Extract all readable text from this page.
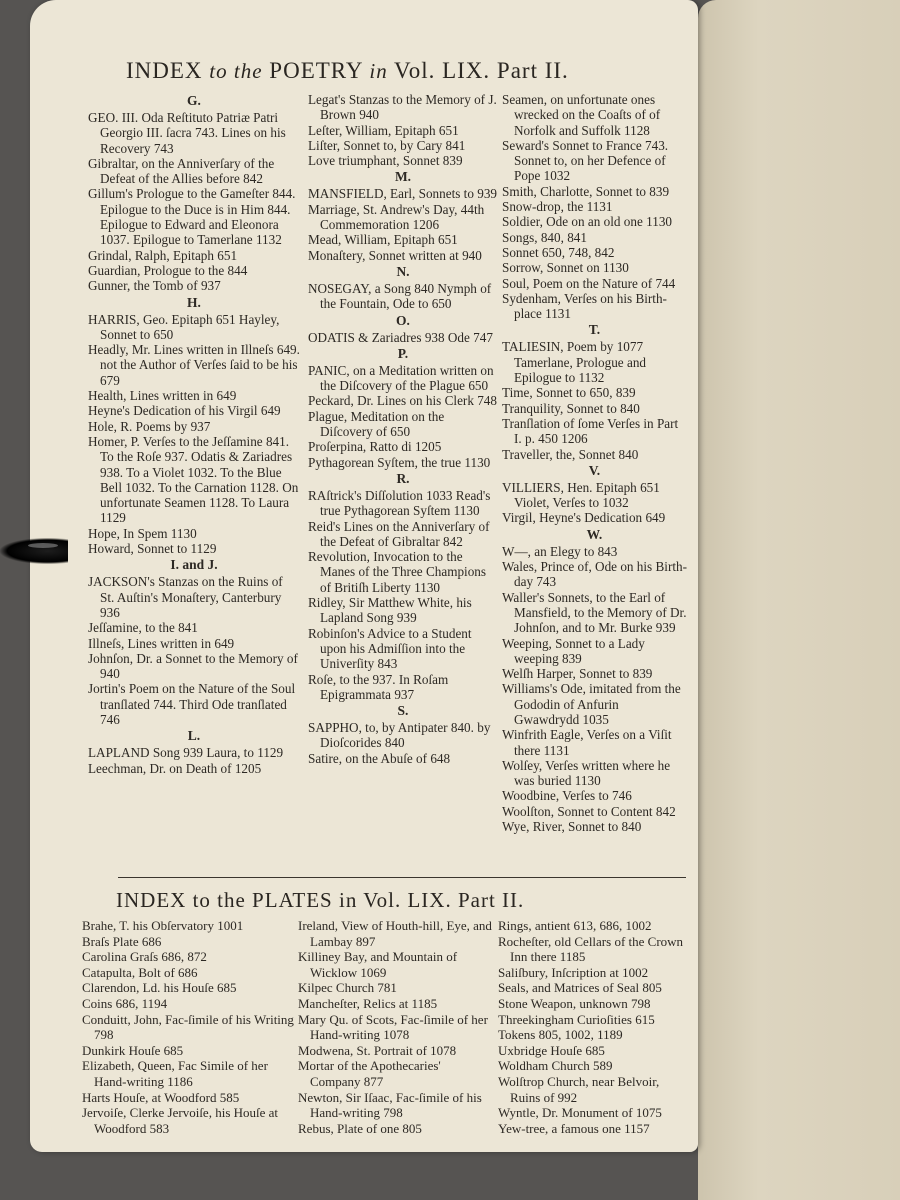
INDEX to the POETRY in Vol. LIX. Part II.
G.
GEO. III. Oda Reſtituto Patriæ Patri Georgio III. ſacra 743. Lines on his Recovery 743
Gibraltar, on the Anniverſary of the Defeat of the Allies before 842
Gillum's Prologue to the Gameſter 844. Epilogue to the Duce is in Him 844. Epilogue to Edward and Eleonora 1037. Epilogue to Tamerlane 1132
Grindal, Ralph, Epitaph 651
Guardian, Prologue to the 844
Gunner, the Tomb of 937
H.
HARRIS, Geo. Epitaph 651 Hayley, Sonnet to 650
Headly, Mr. Lines written in Illneſs 649. not the Author of Verſes ſaid to be his 679
Health, Lines written in 649
Heyne's Dedication of his Virgil 649
Hole, R. Poems by 937
Homer, P. Verſes to the Jeſſamine 841. To the Roſe 937. Odatis & Zariadres 938. To a Violet 1032. To the Blue Bell 1032. To the Carnation 1128. On unfortunate Seamen 1128. To Laura 1129
Hope, In Spem 1130
Howard, Sonnet to 1129
I. and J.
JACKSON's Stanzas on the Ruins of St. Auſtin's Monaſtery, Canterbury 936
Jeſſamine, to the 841
Illneſs, Lines written in 649
Johnſon, Dr. a Sonnet to the Memory of 940
Jortin's Poem on the Nature of the Soul tranſlated 744. Third Ode tranſlated 746
L.
LAPLAND Song 939 Laura, to 1129
Leechman, Dr. on Death of 1205
Legat's Stanzas to the Memory of J. Brown 940
Leſter, William, Epitaph 651
Liſter, Sonnet to, by Cary 841
Love triumphant, Sonnet 839
M.
MANSFIELD, Earl, Sonnets to 939
Marriage, St. Andrew's Day, 44th Commemoration 1206
Mead, William, Epitaph 651
Monaſtery, Sonnet written at 940
N.
NOSEGAY, a Song 840 Nymph of the Fountain, Ode to 650
O.
ODATIS & Zariadres 938 Ode 747
P.
PANIC, on a Meditation written on the Diſcovery of the Plague 650
Peckard, Dr. Lines on his Clerk 748
Plague, Meditation on the Diſcovery of 650
Proſerpina, Ratto di 1205
Pythagorean Syſtem, the true 1130
R.
RAſtrick's Diſſolution 1033 Read's true Pythagorean Syſtem 1130
Reid's Lines on the Anniverſary of the Defeat of Gibraltar 842
Revolution, Invocation to the Manes of the Three Champions of Britiſh Liberty 1130
Ridley, Sir Matthew White, his Lapland Song 939
Robinſon's Advice to a Student upon his Admiſſion into the Univerſity 843
Roſe, to the 937. In Roſam Epigrammata 937
S.
SAPPHO, to, by Antipater 840. by Dioſcorides 840
Satire, on the Abuſe of 648
Seamen, on unfortunate ones wrecked on the Coaſts of of Norfolk and Suffolk 1128
Seward's Sonnet to France 743. Sonnet to, on her Defence of Pope 1032
Smith, Charlotte, Sonnet to 839
Snow-drop, the 1131
Soldier, Ode on an old one 1130
Songs, 840, 841
Sonnet 650, 748, 842
Sorrow, Sonnet on 1130
Soul, Poem on the Nature of 744
Sydenham, Verſes on his Birth-place 1131
T.
TALIESIN, Poem by 1077 Tamerlane, Prologue and Epilogue to 1132
Time, Sonnet to 650, 839
Tranquility, Sonnet to 840
Tranſlation of ſome Verſes in Part I. p. 450 1206
Traveller, the, Sonnet 840
V.
VILLIERS, Hen. Epitaph 651 Violet, Verſes to 1032
Virgil, Heyne's Dedication 649
W.
W—, an Elegy to 843
Wales, Prince of, Ode on his Birth-day 743
Waller's Sonnets, to the Earl of Mansfield, to the Memory of Dr. Johnſon, and to Mr. Burke 939
Weeping, Sonnet to a Lady weeping 839
Welſh Harper, Sonnet to 839
Williams's Ode, imitated from the Gododin of Anfurin Gwawdrydd 1035
Winfrith Eagle, Verſes on a Viſit there 1131
Wolſey, Verſes written where he was buried 1130
Woodbine, Verſes to 746
Woolſton, Sonnet to Content 842
Wye, River, Sonnet to 840
INDEX to the PLATES in Vol. LIX. Part II.
Brahe, T. his Obſervatory 1001
Braſs Plate 686
Carolina Graſs 686, 872
Catapulta, Bolt of 686
Clarendon, Ld. his Houſe 685
Coins 686, 1194
Conduitt, John, Fac-ſimile of his Writing 798
Dunkirk Houſe 685
Elizabeth, Queen, Fac Simile of her Hand-writing 1186
Harts Houſe, at Woodford 585
Jervoiſe, Clerke Jervoiſe, his Houſe at Woodford 583
Ireland, View of Houth-hill, Eye, and Lambay 897
Killiney Bay, and Mountain of Wicklow 1069
Kilpec Church 781
Mancheſter, Relics at 1185
Mary Qu. of Scots, Fac-ſimile of her Hand-writing 1078
Modwena, St. Portrait of 1078
Mortar of the Apothecaries' Company 877
Newton, Sir Iſaac, Fac-ſimile of his Hand-writing 798
Rebus, Plate of one 805
Rings, antient 613, 686, 1002
Rocheſter, old Cellars of the Crown Inn there 1185
Saliſbury, Inſcription at 1002
Seals, and Matrices of Seal 805
Stone Weapon, unknown 798
Threekingham Curioſities 615
Tokens 805, 1002, 1189
Uxbridge Houſe 685
Woldham Church 589
Wolſtrop Church, near Belvoir, Ruins of 992
Wyntle, Dr. Monument of 1075
Yew-tree, a famous one 1157
